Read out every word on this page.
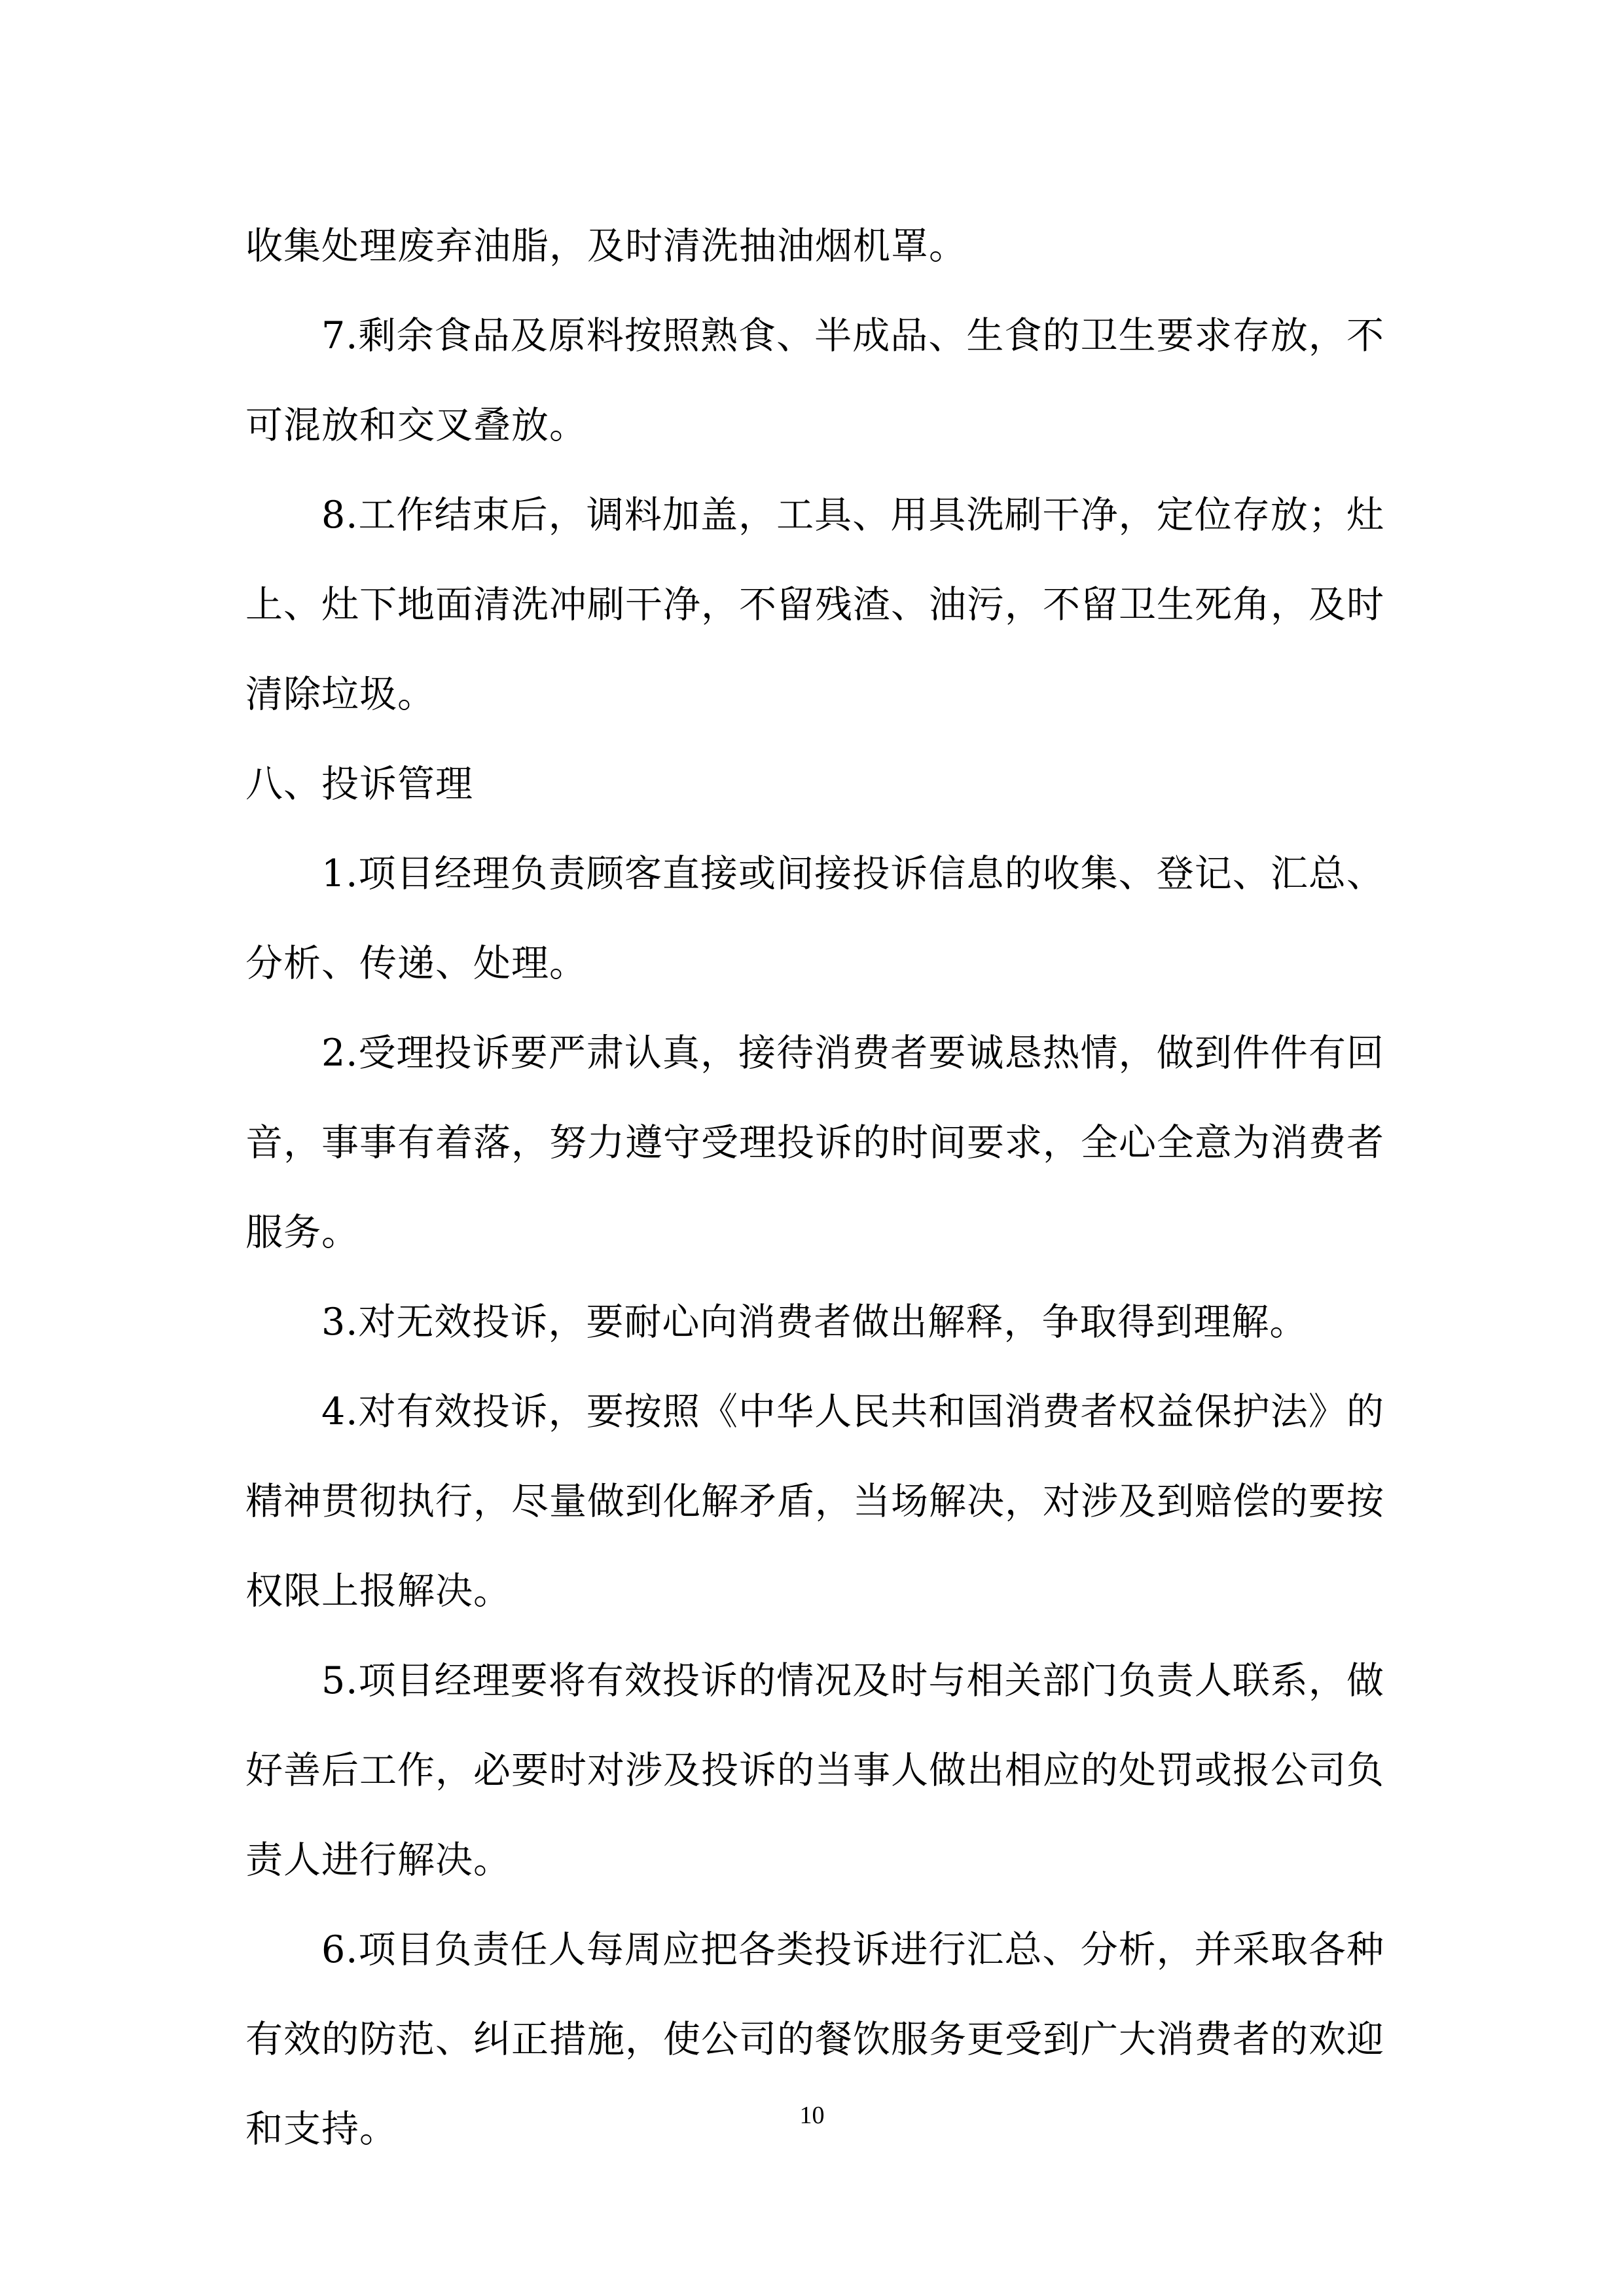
收集处理废弃油脂，及时清洗抽油烟机罩。

7.剩余食品及原料按照熟食、半成品、生食的卫生要求存放，不可混放和交叉叠放。

8.工作结束后，调料加盖，工具、用具洗刷干净，定位存放；灶上、灶下地面清洗冲刷干净，不留残渣、油污，不留卫生死角，及时清除垃圾。

八、投诉管理

1.项目经理负责顾客直接或间接投诉信息的收集、登记、汇总、分析、传递、处理。

2.受理投诉要严肃认真，接待消费者要诚恳热情，做到件件有回音，事事有着落，努力遵守受理投诉的时间要求，全心全意为消费者服务。

3.对无效投诉，要耐心向消费者做出解释，争取得到理解。

4.对有效投诉，要按照《中华人民共和国消费者权益保护法》的精神贯彻执行，尽量做到化解矛盾，当场解决，对涉及到赔偿的要按权限上报解决。

5.项目经理要将有效投诉的情况及时与相关部门负责人联系，做好善后工作，必要时对涉及投诉的当事人做出相应的处罚或报公司负责人进行解决。

6.项目负责任人每周应把各类投诉进行汇总、分析，并采取各种有效的防范、纠正措施，使公司的餐饮服务更受到广大消费者的欢迎和支持。	10
